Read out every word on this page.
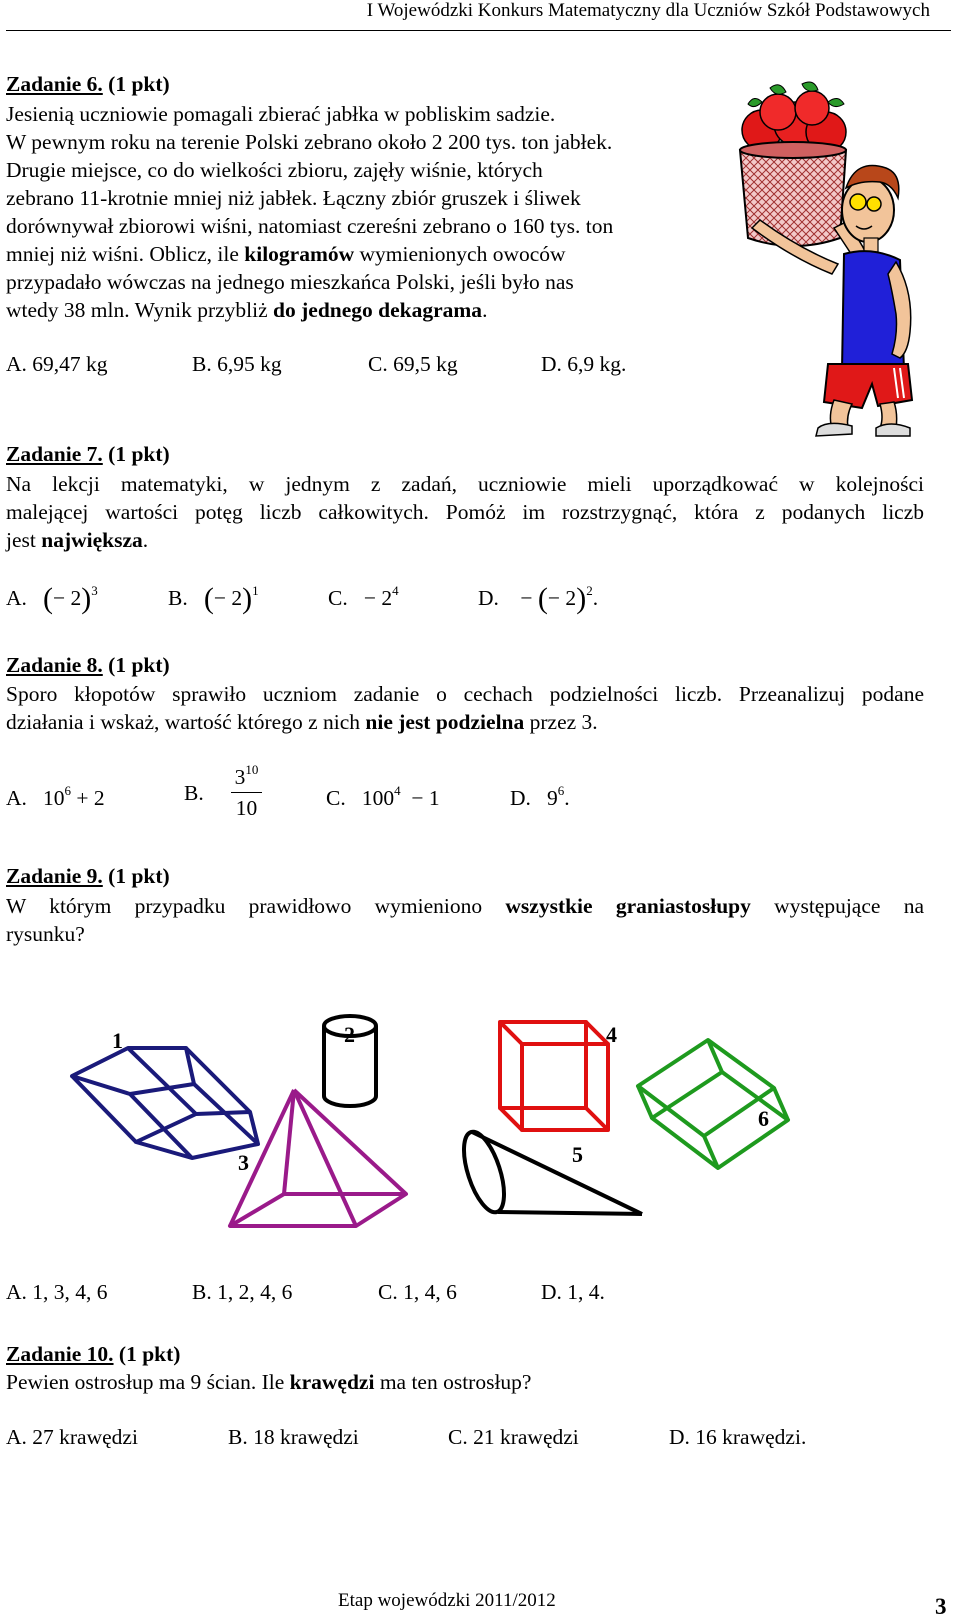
I Wojewódzki Konkurs Matematyczny dla Uczniów Szkół Podstawowych
Zadanie 6. (1 pkt)
Jesienią uczniowie pomagali zbierać jabłka w pobliskim sadzie.
W pewnym roku na terenie Polski zebrano około 2 200 tys. ton jabłek.
Drugie miejsce, co do wielkości zbioru, zajęły wiśnie, których
zebrano 11-krotnie mniej niż jabłek. Łączny zbiór gruszek i śliwek
dorównywał zbiorowi wiśni, natomiast czereśni zebrano o 160 tys. ton
mniej niż wiśni. Oblicz, ile kilogramów wymienionych owoców
przypadało wówczas na jednego mieszkańca Polski, jeśli było nas
wtedy 38 mln. Wynik przybliż do jednego dekagrama.
A. 69,47 kg	B. 6,95 kg	C. 69,5 kg	D. 6,9 kg.
Zadanie 7. (1 pkt)
Na lekcji matematyki, w jednym z zadań, uczniowie mieli uporządkować w kolejności
malejącej wartości potęg liczb całkowitych. Pomóż im rozstrzygnąć, która z podanych liczb
jest największa.
A. (− 2)$^3$	B. (− 2)$^1$	C. − $2^4$	D. − (− 2)$^2$.
Zadanie 8. (1 pkt)
Sporo kłopotów sprawiło uczniom zadanie o cechach podzielności liczb. Przeanalizuj podane
działania i wskaż, wartość którego z nich nie jest podzielna przez 3.
A. $10^6 + 2$	B.
$\frac{3^{10}}{10}$	C. $100^4 - 1$	D. $9^6$.
Zadanie 9. (1 pkt)
W którym przypadku prawidłowo wymieniono wszystkie graniastosłupy występujące na
rysunku?
1	2
3
4
5
6
A. 1, 3, 4, 6	B. 1, 2, 4, 6	C. 1, 4, 6	D. 1, 4.
Zadanie 10. (1 pkt)
Pewien ostrosłup ma 9 ścian. Ile krawędzi ma ten ostrosłup?
A. 27 krawędzi	B. 18 krawędzi	C. 21 krawędzi	D. 16 krawędzi.
Etap wojewódzki 2011/2012	3
